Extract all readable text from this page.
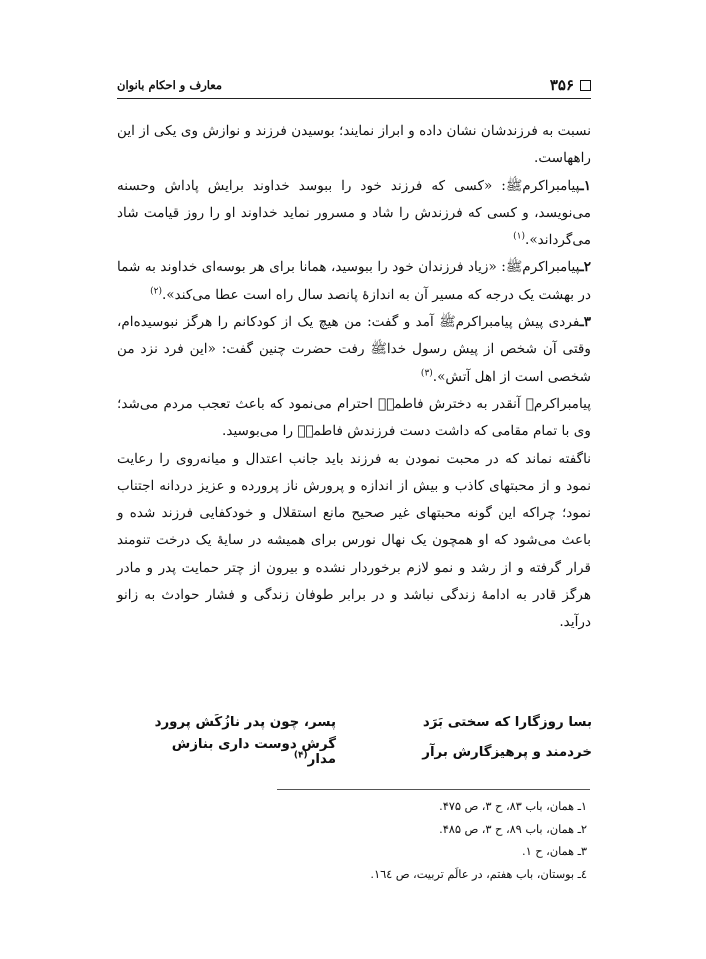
۳۵۶
معارف و احکام بانوان

نسبت به فرزندشان نشان داده و ابراز نمایند؛ بوسیدن فرزند و نوازش وی یکی از این راههاست.

۱ـپیامبراکرمﷺ: «کسی که فرزند خود را ببوسد خداوند برایش پاداش وحسنه می‌نویسد، و کسی که فرزندش را شاد و مسرور نماید خداوند او را روز قیامت شاد می‌گرداند».$^{(۱)}$

۲ـپیامبراکرمﷺ: «زیاد فرزندان خود را ببوسید، همانا برای هر بوسه‌ای خداوند به شما در بهشت یک درجه که مسیر آن به اندازهٔ پانصد سال راه است عطا می‌کند».$^{(۲)}$

۳ـفردی پیش پیامبراکرمﷺ آمد و گفت: من هیچ یک از کودکانم را هرگز نبوسیده‌ام، وقتی آن شخص از پیش رسول خداﷺ رفت حضرت چنین گفت: «این فرد نزد من شخصی است از اهل آتش».$^{(۳)}$

پیامبراکرمﷺ آنقدر به دخترش فاطمهؑ احترام می‌نمود که باعث تعجب مردم می‌شد؛ وی با تمام مقامی که داشت دست فرزندش فاطمهؑ را می‌بوسید.

ناگفته نماند که در محبت نمودن به فرزند باید جانب اعتدال و میانه‌روی را رعایت نمود و از محبتهای کاذب و بیش از اندازه و پرورش ناز پرورده و عزیز دردانه اجتناب نمود؛ چراکه این گونه محبتهای غیر صحیح مانع استقلال و خودکفایی فرزند شده و باعث می‌شود که او همچون یک نهال نورس برای همیشه در سایهٔ یک درخت تنومند قرار گرفته و از رشد و نمو لازم برخوردار نشده و بیرون از چتر حمایت پدر و مادر هرگز قادر به ادامهٔ زندگی نباشد و در برابر طوفان زندگی و فشار حوادث به زانو درآید.

بسا روزگارا که سختی بَرَد
پسر، چون پدر نازُکَش پرورد
خردمند و پرهیزگارش برآر
گرش دوست داری بنازش مدار$^{(۴)}$
۱ـ همان، باب ۸۳، ح ۳، ص ۴۷۵.
۲ـ همان، باب ۸۹، ح ۳، ص ۴۸۵.
۳ـ همان، ح ۱.
٤ـ بوستان، باب هفتم، در عالَم تربیت، ص ١٦٤.
